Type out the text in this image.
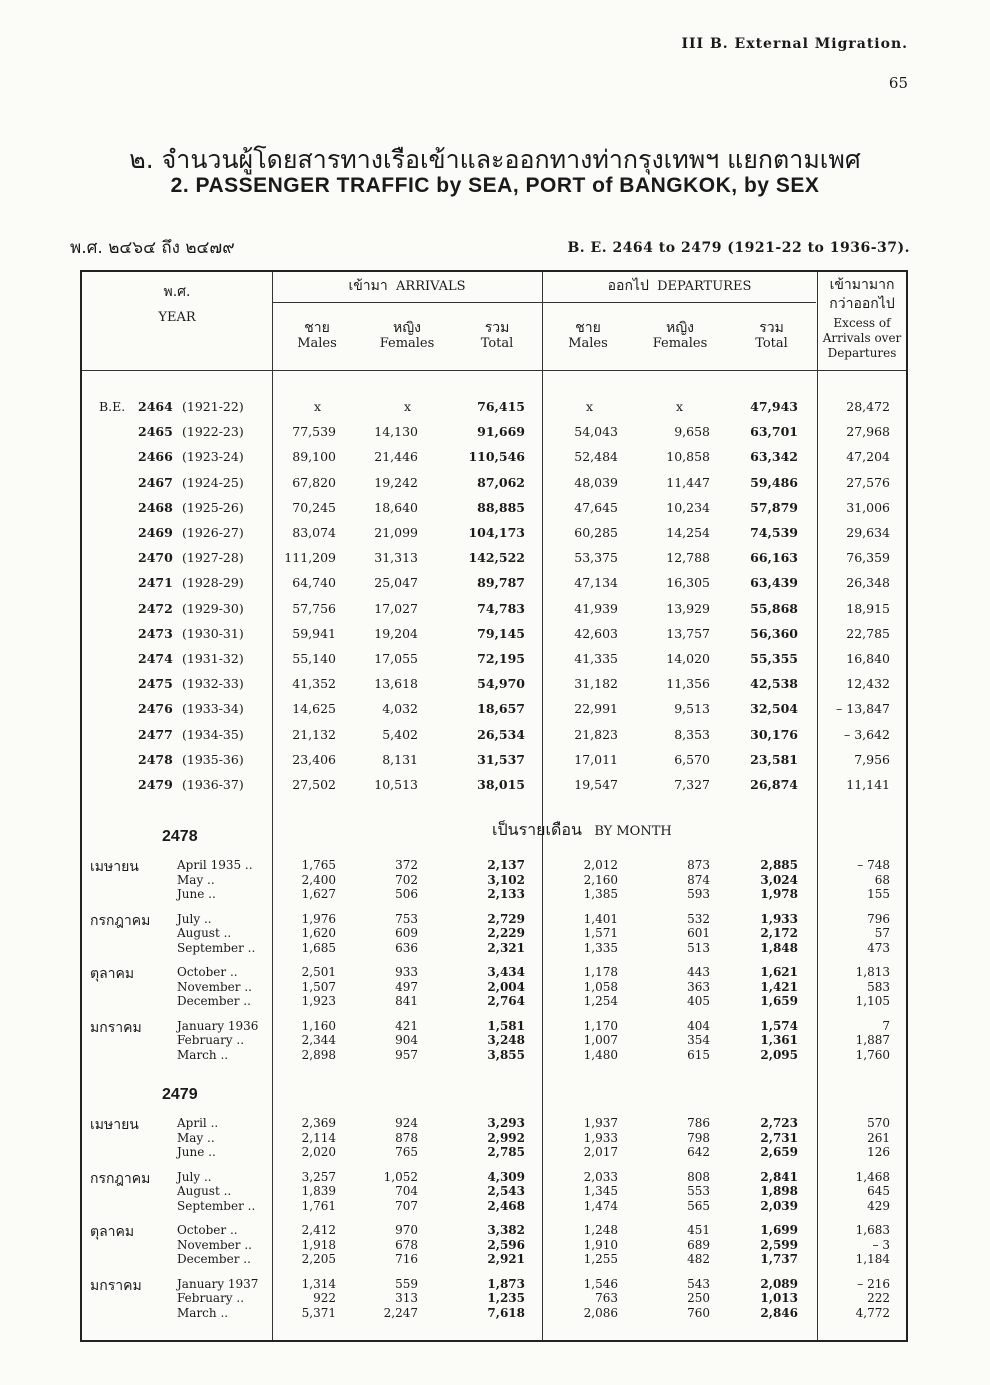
III B. External Migration.
65
๒. จำนวนผู้โดยสารทางเรือเข้าและออกทางท่ากรุงเทพฯ แยกตามเพศ
2. PASSENGER TRAFFIC by SEA, PORT of BANGKOK, by SEX
พ.ศ. ๒๔๖๔ ถึง ๒๔๗๙	B. E. 2464 to 2479 (1921-22 to 1936-37).
พ.ศ.
YEAR
เข้ามา ARRIVALS	ออกไป DEPARTURES	เข้ามามาก
กว่าออกไป
Excess of
Arrivals over
Departures
ชาย
Males
หญิง
Females
รวม
Total
ชาย
Males
หญิง
Females
รวม
Total
B.E. 2464 (1921-22)	x	x	76,415	x	x	47,943	28,472
2465 (1922-23)	77,539	14,130	91,669	54,043	9,658	63,701	27,968
2466 (1923-24)	89,100	21,446	110,546	52,484	10,858	63,342	47,204
2467 (1924-25)	67,820	19,242	87,062	48,039	11,447	59,486	27,576
2468 (1925-26)	70,245	18,640	88,885	47,645	10,234	57,879	31,006
2469 (1926-27)	83,074	21,099	104,173	60,285	14,254	74,539	29,634
2470 (1927-28)	111,209	31,313	142,522	53,375	12,788	66,163	76,359
2471 (1928-29)	64,740	25,047	89,787	47,134	16,305	63,439	26,348
2472 (1929-30)	57,756	17,027	74,783	41,939	13,929	55,868	18,915
2473 (1930-31)	59,941	19,204	79,145	42,603	13,757	56,360	22,785
2474 (1931-32)	55,140	17,055	72,195	41,335	14,020	55,355	16,840
2475 (1932-33)	41,352	13,618	54,970	31,182	11,356	42,538	12,432
2476 (1933-34)	14,625	4,032	18,657	22,991	9,513	32,504	– 13,847
2477 (1934-35)	21,132	5,402	26,534	21,823	8,353	30,176	– 3,642
2478 (1935-36)	23,406	8,131	31,537	17,011	6,570	23,581	7,956
2479 (1936-37)	27,502	10,513	38,015	19,547	7,327	26,874	11,141
เป็นรายเดือน BY MONTH
2478
เมษายน	April 1935 ..	1,765	372	2,137	2,012	873	2,885	– 748
May ..	2,400	702	3,102	2,160	874	3,024	68
June ..	1,627	506	2,133	1,385	593	1,978	155
กรกฎาคม July ..	1,976	753	2,729	1,401	532	1,933	796
August ..	1,620	609	2,229	1,571	601	2,172	57
September ..	1,685	636	2,321	1,335	513	1,848	473
ตุลาคม	October ..	2,501	933	3,434	1,178	443	1,621	1,813
November ..	1,507	497	2,004	1,058	363	1,421	583
December ..	1,923	841	2,764	1,254	405	1,659	1,105
มกราคม	January 1936	1,160	421	1,581	1,170	404	1,574	7
February ..	2,344	904	3,248	1,007	354	1,361	1,887
March ..	2,898	957	3,855	1,480	615	2,095	1,760
2479
เมษายน	April ..	2,369	924	3,293	1,937	786	2,723	570
May ..	2,114	878	2,992	1,933	798	2,731	261
June ..	2,020	765	2,785	2,017	642	2,659	126
กรกฎาคม July ..	3,257	1,052	4,309	2,033	808	2,841	1,468
August ..	1,839	704	2,543	1,345	553	1,898	645
September ..	1,761	707	2,468	1,474	565	2,039	429
ตุลาคม	October ..	2,412	970	3,382	1,248	451	1,699	1,683
November ..	1,918	678	2,596	1,910	689	2,599	– 3
December ..	2,205	716	2,921	1,255	482	1,737	1,184
มกราคม	January 1937	1,314	559	1,873	1,546	543	2,089	– 216
February ..	922	313	1,235	763	250	1,013	222
March ..	5,371	2,247	7,618	2,086	760	2,846	4,772
